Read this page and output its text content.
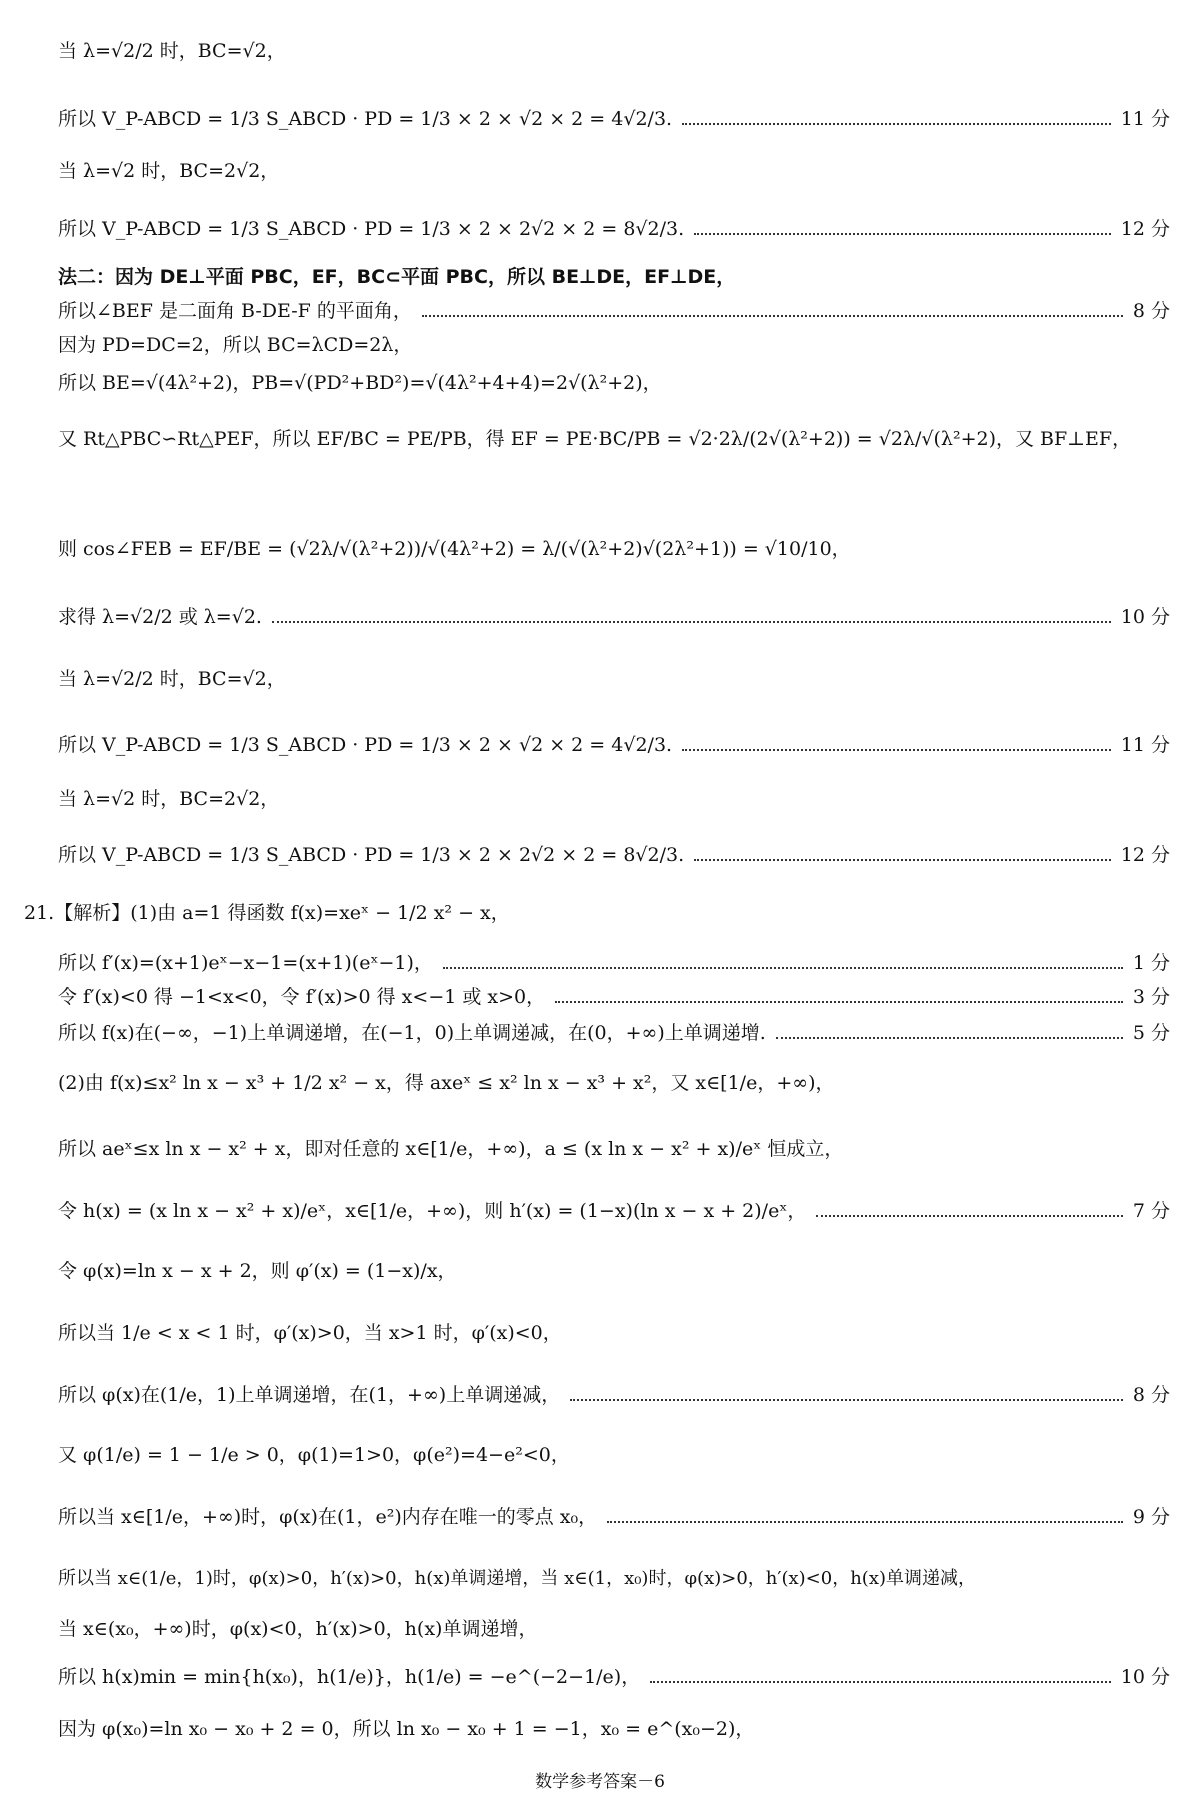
当 λ=√2/2 时，BC=√2，
所以 V_P-ABCD = 1/3 S_ABCD · PD = 1/3 × 2 × √2 × 2 = 4√2/3.	11 分
当 λ=√2 时，BC=2√2，
所以 V_P-ABCD = 1/3 S_ABCD · PD = 1/3 × 2 × 2√2 × 2 = 8√2/3.	12 分
法二：因为 DE⊥平面 PBC，EF，BC⊂平面 PBC，所以 BE⊥DE，EF⊥DE，
所以∠BEF 是二面角 B-DE-F 的平面角，	8 分
因为 PD=DC=2，所以 BC=λCD=2λ，
所以 BE=√(4λ²+2)，PB=√(PD²+BD²)=√(4λ²+4+4)=2√(λ²+2)，
又 Rt△PBC∽Rt△PEF，所以 EF/BC = PE/PB，得 EF = PE·BC/PB = √2·2λ/(2√(λ²+2)) = √2λ/√(λ²+2)，又 BF⊥EF，
则 cos∠FEB = EF/BE = (√2λ/√(λ²+2))/√(4λ²+2) = λ/(√(λ²+2)√(2λ²+1)) = √10/10，
求得 λ=√2/2 或 λ=√2.	10 分
当 λ=√2/2 时，BC=√2，
所以 V_P-ABCD = 1/3 S_ABCD · PD = 1/3 × 2 × √2 × 2 = 4√2/3.	11 分
当 λ=√2 时，BC=2√2，
所以 V_P-ABCD = 1/3 S_ABCD · PD = 1/3 × 2 × 2√2 × 2 = 8√2/3.	12 分
21.【解析】(1)由 a=1 得函数 f(x)=xeˣ − 1/2 x² − x，
所以 f′(x)=(x+1)eˣ−x−1=(x+1)(eˣ−1)，	1 分
令 f′(x)<0 得 −1<x<0，令 f′(x)>0 得 x<−1 或 x>0，	3 分
所以 f(x)在(−∞，−1)上单调递增，在(−1，0)上单调递减，在(0，+∞)上单调递增.	5 分
(2)由 f(x)≤x² ln x − x³ + 1/2 x² − x，得 axeˣ ≤ x² ln x − x³ + x²，又 x∈[1/e，+∞)，
所以 aeˣ≤x ln x − x² + x，即对任意的 x∈[1/e，+∞)，a ≤ (x ln x − x² + x)/eˣ 恒成立，
令 h(x) = (x ln x − x² + x)/eˣ，x∈[1/e，+∞)，则 h′(x) = (1−x)(ln x − x + 2)/eˣ，	7 分
令 φ(x)=ln x − x + 2，则 φ′(x) = (1−x)/x，
所以当 1/e < x < 1 时，φ′(x)>0，当 x>1 时，φ′(x)<0，
所以 φ(x)在(1/e，1)上单调递增，在(1，+∞)上单调递减，	8 分
又 φ(1/e) = 1 − 1/e > 0，φ(1)=1>0，φ(e²)=4−e²<0，
所以当 x∈[1/e，+∞)时，φ(x)在(1，e²)内存在唯一的零点 x₀，	9 分
所以当 x∈(1/e，1)时，φ(x)>0，h′(x)>0，h(x)单调递增，当 x∈(1，x₀)时，φ(x)>0，h′(x)<0，h(x)单调递减，
当 x∈(x₀，+∞)时，φ(x)<0，h′(x)>0，h(x)单调递增，
所以 h(x)min = min{h(x₀)，h(1/e)}，h(1/e) = −e^(−2−1/e)，	10 分
因为 φ(x₀)=ln x₀ − x₀ + 2 = 0，所以 ln x₀ − x₀ + 1 = −1，x₀ = e^(x₀−2)，
数学参考答案－6
